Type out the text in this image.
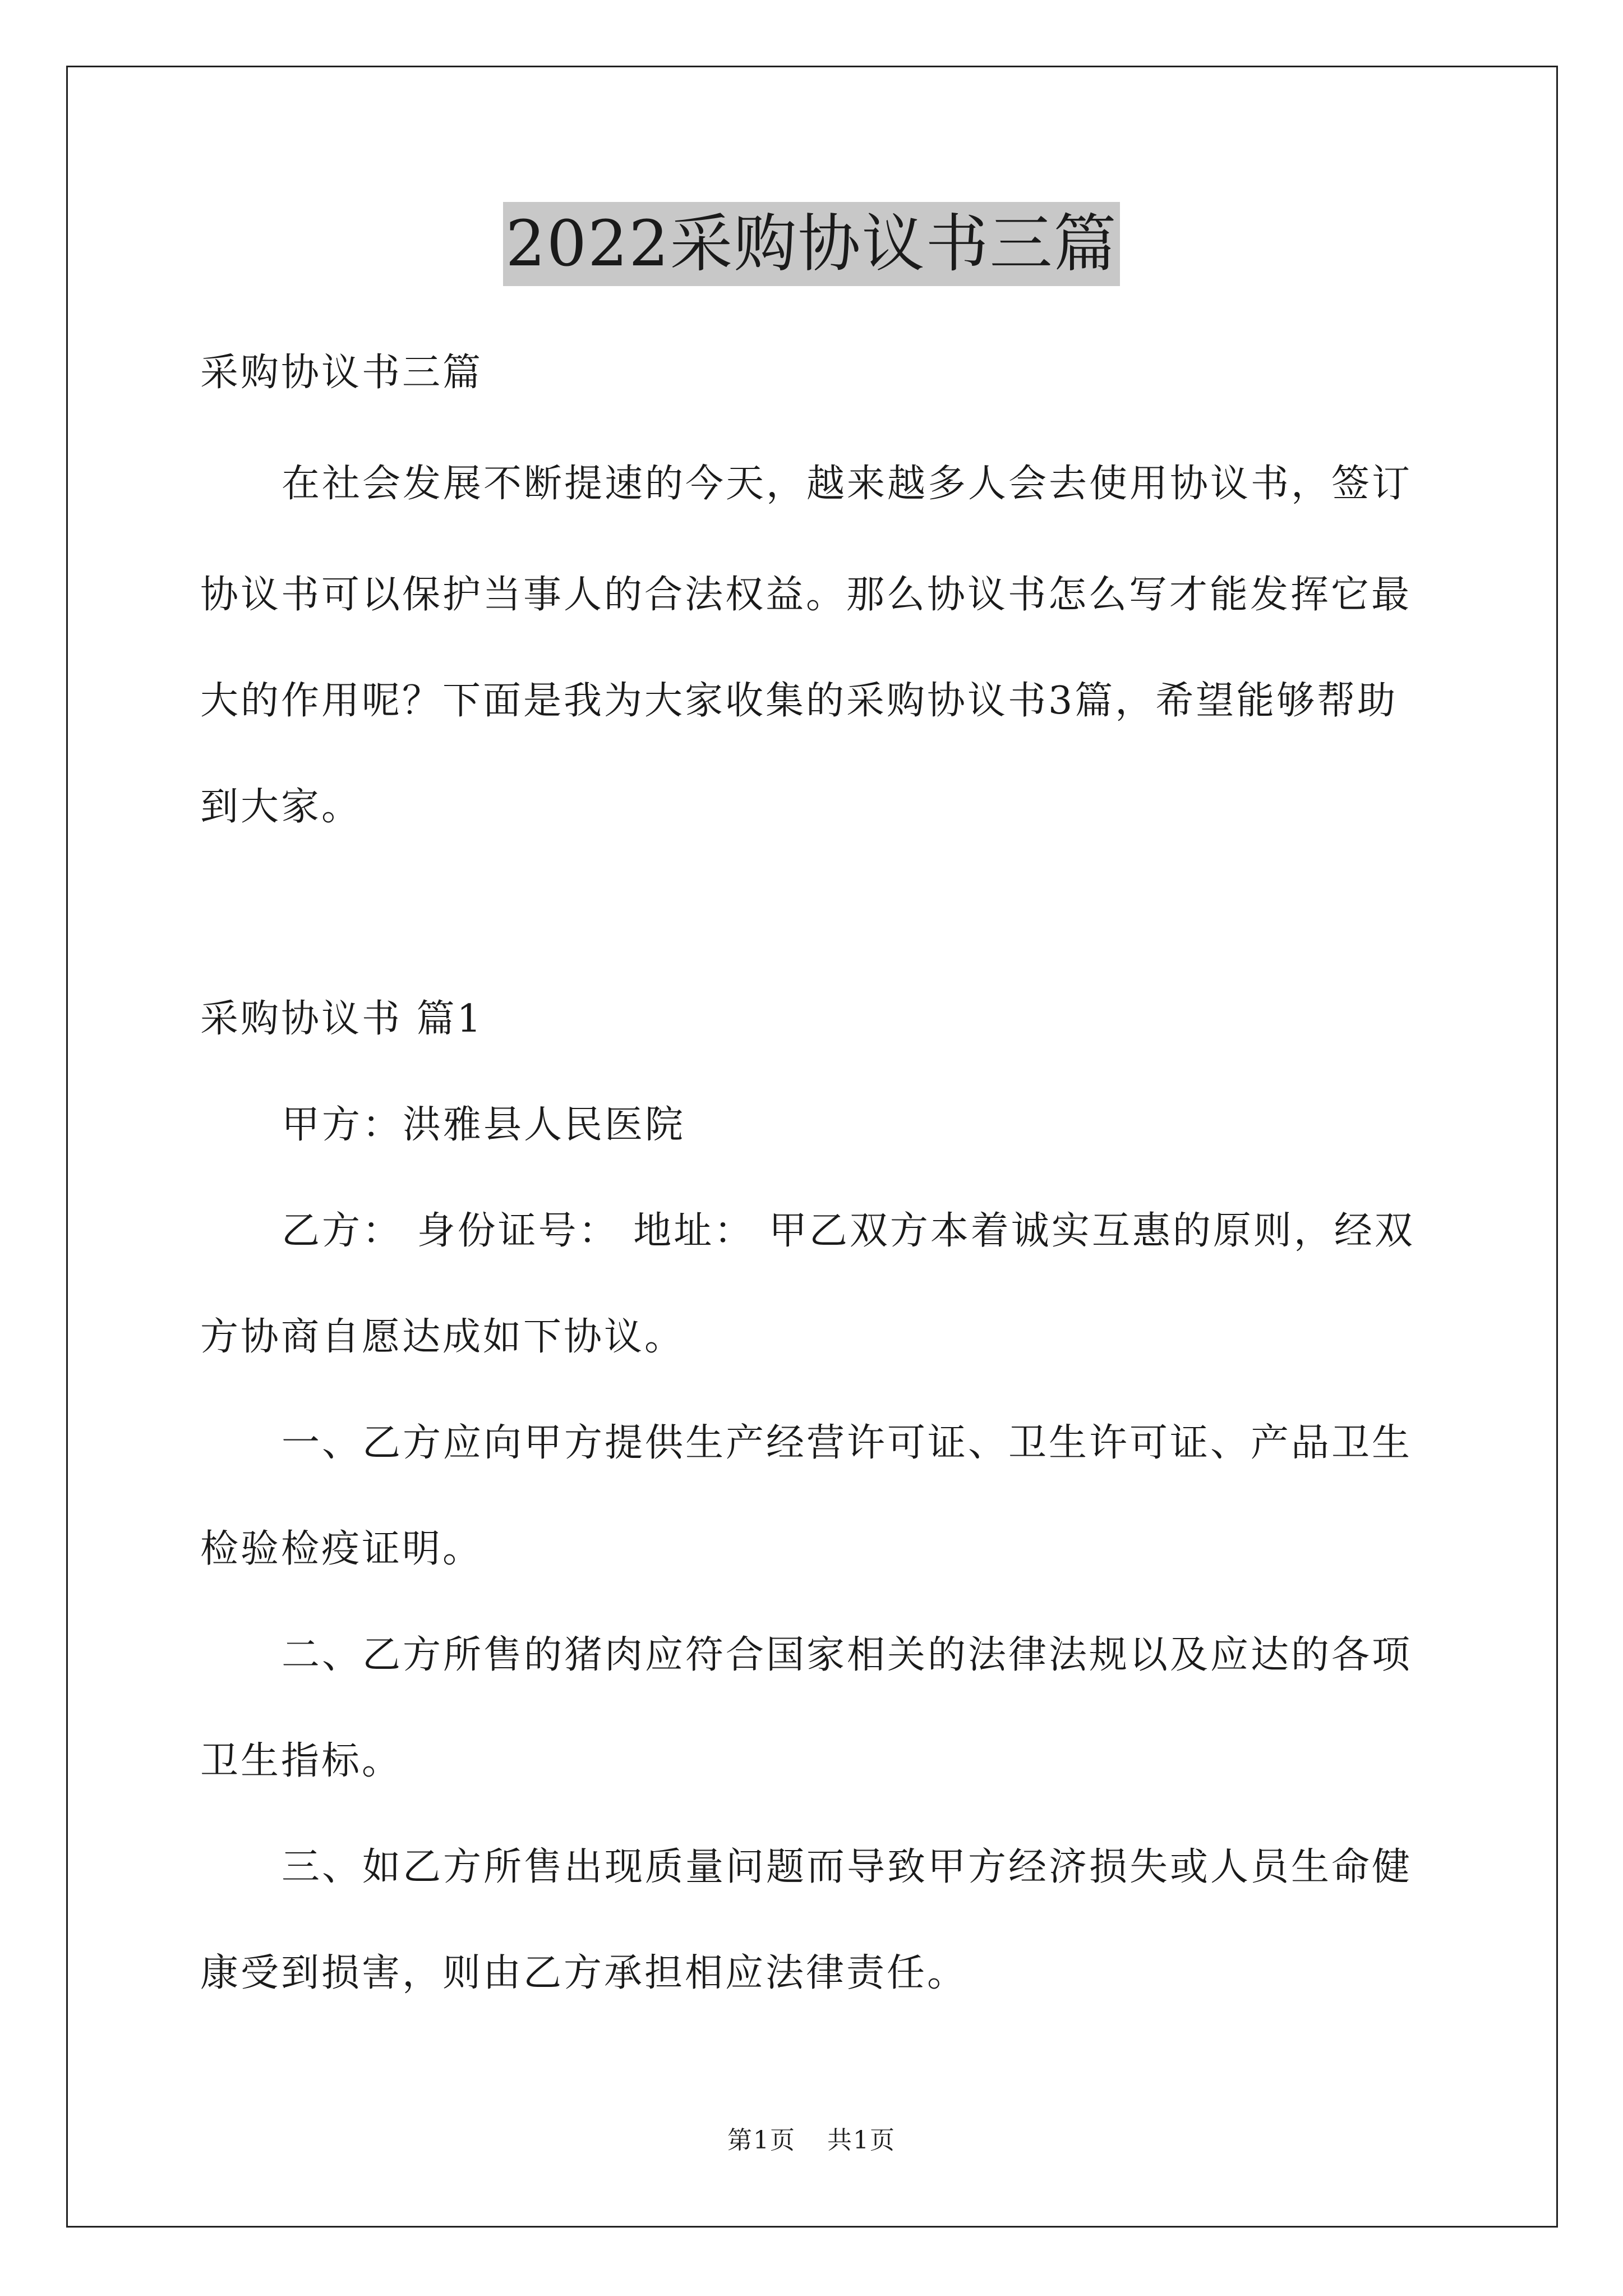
2022采购协议书三篇
采购协议书三篇
在社会发展不断提速的今天，越来越多人会去使用协议书，签订
协议书可以保护当事人的合法权益。那么协议书怎么写才能发挥它最
大的作用呢？下面是我为大家收集的采购协议书3篇，希望能够帮助
到大家。
采购协议书 篇1
甲方：洪雅县人民医院
乙方： 身份证号： 地址： 甲乙双方本着诚实互惠的原则，经双
方协商自愿达成如下协议。
一、乙方应向甲方提供生产经营许可证、卫生许可证、产品卫生
检验检疫证明。
二、乙方所售的猪肉应符合国家相关的法律法规以及应达的各项
卫生指标。
三、如乙方所售出现质量问题而导致甲方经济损失或人员生命健
康受到损害，则由乙方承担相应法律责任。
第1页 共1页
